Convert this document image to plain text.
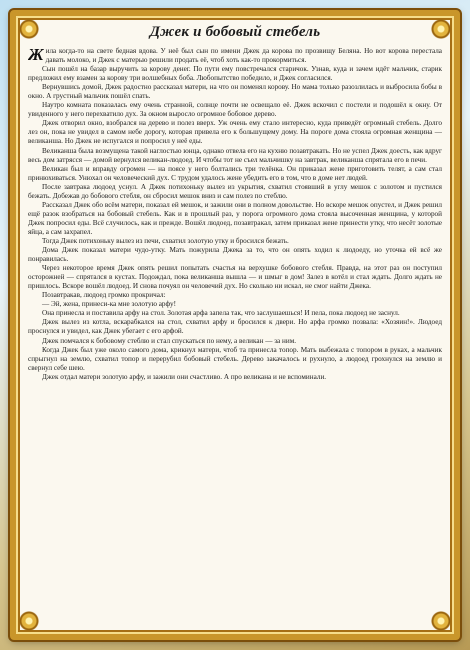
Джек и бобовый стебель

Жила когда-то на свете бедная вдова. У неё был сын по имени Джек да корова по прозвищу Беляна. Но вот корова перестала давать молоко, и Джек с матерью решили продать её, чтоб хоть как-то прокормиться.

Сын пошёл на базар выручить за корову денег. По пути ему повстречался старичок. Узнав, куда и зачем идёт мальчик, старик предложил ему взамен за корову три волшебных боба. Любопытство победило, и Джек согласился.

Вернувшись домой, Джек радостно рассказал матери, на что он поменял корову. Но мама только разозлилась и выбросила бобы в окно. А грустный мальчик пошёл спать.

Наутро комната показалась ему очень странной, солнце почти не освещало её. Джек вскочил с постели и подошёл к окну. От увиденного у него перехватило дух. За окном выросло огромное бобовое дерево.

Джек отворил окно, взобрался на дерево и полез вверх. Уж очень ему стало интересно, куда приведёт огромный стебель. Долго лез он, пока не увидел в самом небе дорогу, которая привела его к большущему дому. На пороге дома стояла огромная женщина — великанша. Но Джек не испугался и попросил у неё еды.

Великанша была возмущена такой наглостью юнца, однако отвела его на кухню позавтракать. Но не успел Джек доесть, как вдруг весь дом затрясся — домой вернулся великан-людоед. И чтобы тот не съел мальчишку на завтрак, великанша спрятала его в печи.

Великан был и вправду огромен — на поясе у него болтались три телёнка. Он приказал жене приготовить телят, а сам стал принюхиваться. Унюхал он человеческий дух. С трудом удалось жене убедить его в том, что в доме нет людей.

После завтрака людоед уснул. А Джек потихоньку вылез из укрытия, схватил стоявший в углу мешок с золотом и пустился бежать. Добежав до бобового стебля, он сбросил мешок вниз и сам полез по стеблю.

Рассказал Джек обо всём матери, показал ей мешок, и зажили они в полном довольстве. Но вскоре мешок опустел, и Джек решил ещё разок взобраться на бобовый стебель. Как и в прошлый раз, у порога огромного дома стояла высоченная женщина, у которой Джек попросил еды. Всё случилось, как и прежде. Вошёл людоед, позавтракал, затем приказал жене принести утку, что несёт золотые яйца, а сам захрапел.

Тогда Джек потихоньку вылез из печи, схватил золотую утку и бросился бежать.

Дома Джек показал матери чудо-утку. Мать пожурила Джека за то, что он опять ходил к людоеду, но уточка ей всё же понравилась.

Через некоторое время Джек опять решил попытать счастья на верхушке бобового стебля. Правда, на этот раз он поступил осторожней — спрятался в кустах. Подождал, пока великанша вышла — и шмыг в дом! Залез в котёл и стал ждать. Долго ждать не пришлось. Вскоре вошёл людоед. И снова почуял он человечий дух. Но сколько ни искал, не смог найти Джека.

Позавтракав, людоед громко прокричал:

— Эй, жена, принеси-ка мне золотую арфу!

Она принесла и поставила арфу на стол. Золотая арфа запела так, что заслушаешься! И пела, пока людоед не заснул.

Джек вылез из котла, вскарабкался на стол, схватил арфу и бросился к двери. Но арфа громко позвала: «Хозяин!». Людоед проснулся и увидел, как Джек убегает с его арфой.

Джек помчался к бобовому стеблю и стал спускаться по нему, а великан — за ним.

Когда Джек был уже около самого дома, крикнул матери, чтоб та принесла топор. Мать выбежала с топором в руках, а мальчик спрыгнул на землю, схватил топор и перерубил бобовый стебель. Дерево закачалось и рухнуло, а людоед грохнулся на землю и свернул себе шею.

Джек отдал матери золотую арфу, и зажили они счастливо. А про великана и не вспоминали.
